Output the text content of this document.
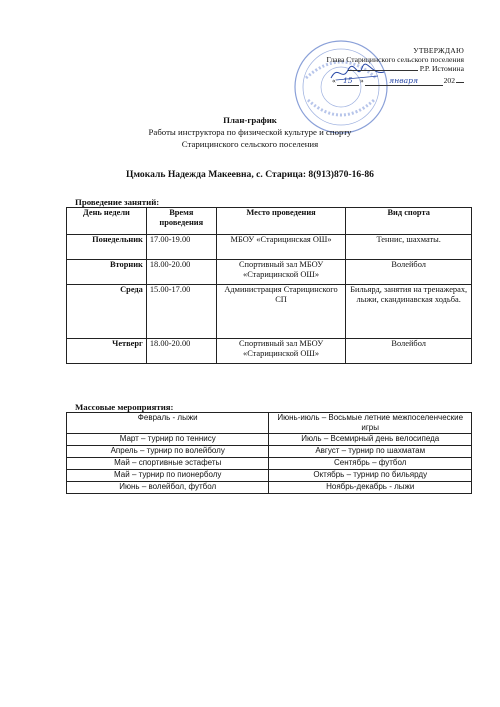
УТВЕРЖДАЮ
Глава Старицинского сельского поселения
Р.Р. Истомина
« 15 »	января	202
План-график
Работы инструктора по физической культуре и спорту
Старицинского сельского поселения
Цмокаль Надежда Макеевна, с. Старица: 8(913)870-16-86
Проведение занятий:
День недели	Время проведения	Место проведения	Вид спорта
Понедельник	17.00-19.00	МБОУ «Старицинская ОШ»	Теннис, шахматы.
Вторник	18.00-20.00	Спортивный зал МБОУ «Старицинской ОШ»	Волейбол
Среда	15.00-17.00	Администрация Старицинского СП	Бильярд, занятия на тренажерах, лыжи, скандинавская ходьба.
Четверг	18.00-20.00	Спортивный зал МБОУ «Старицинской ОШ»	Волейбол
Массовые мероприятия:
Февраль - лыжи	Июнь-июль – Восьмые летние межпоселенческие игры
Март – турнир по теннису	Июль – Всемирный день велосипеда
Апрель – турнир по волейболу	Август – турнир по шахматам
Май – спортивные эстафеты	Сентябрь – футбол
Май – турнир по пионерболу	Октябрь – турнир по бильярду
Июнь – волейбол, футбол	Ноябрь-декабрь - лыжи
